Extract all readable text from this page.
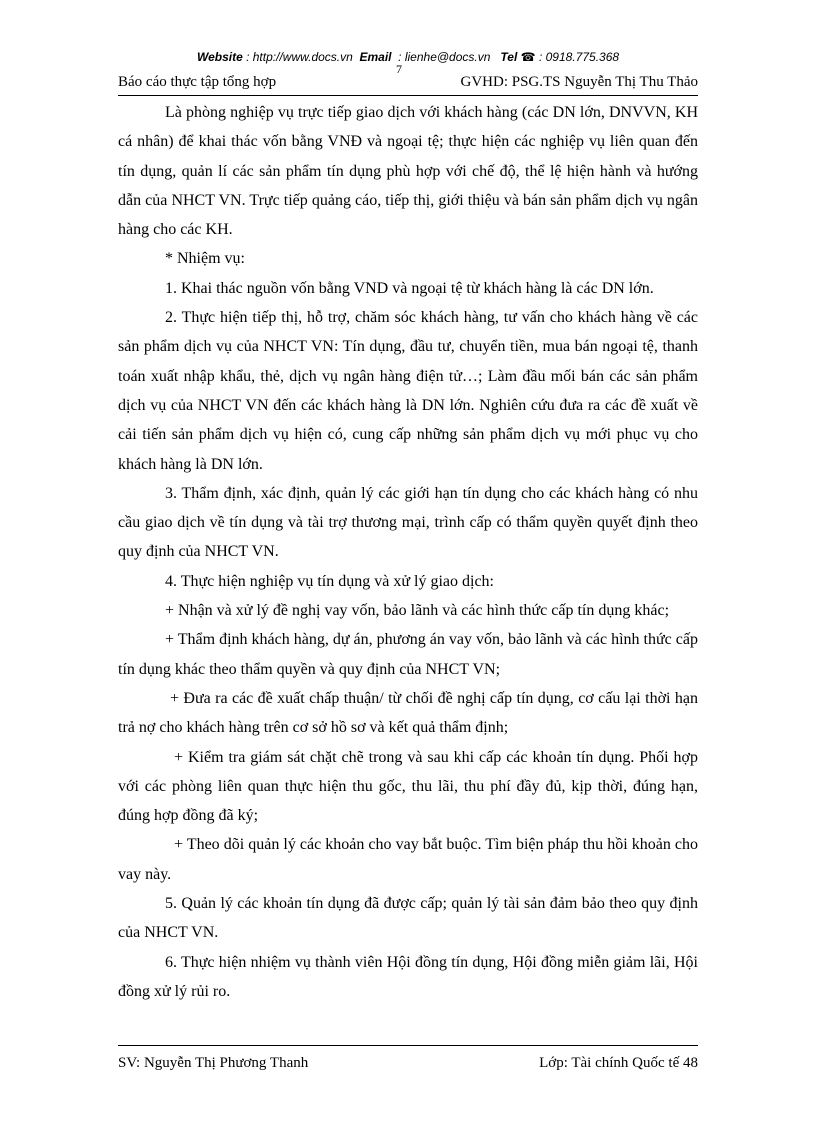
Website : http://www.docs.vn Email : lienhe@docs.vn Tel ☎ : 0918.775.368
7
Báo cáo thực tập tổng hợp	GVHD: PSG.TS Nguyễn Thị Thu Thảo

Là phòng nghiệp vụ trực tiếp giao dịch với khách hàng (các DN lớn, DNVVN, KH cá nhân) để khai thác vốn bằng VNĐ và ngoại tệ; thực hiện các nghiệp vụ liên quan đến tín dụng, quản lí các sản phẩm tín dụng phù hợp với chế độ, thể lệ hiện hành và hướng dẫn của NHCT VN. Trực tiếp quảng cáo, tiếp thị, giới thiệu và bán sản phẩm dịch vụ ngân hàng cho các KH.

* Nhiệm vụ:

1. Khai thác nguồn vốn bằng VND và ngoại tệ từ khách hàng là các DN lớn.

2. Thực hiện tiếp thị, hỗ trợ, chăm sóc khách hàng, tư vấn cho khách hàng về các sản phẩm dịch vụ của NHCT VN: Tín dụng, đầu tư, chuyển tiền, mua bán ngoại tệ, thanh toán xuất nhập khẩu, thẻ, dịch vụ ngân hàng điện tử…; Làm đầu mối bán các sản phẩm dịch vụ của NHCT VN đến các khách hàng là DN lớn. Nghiên cứu đưa ra các đề xuất về cải tiến sản phẩm dịch vụ hiện có, cung cấp những sản phẩm dịch vụ mới phục vụ cho khách hàng là DN lớn.

3. Thẩm định, xác định, quản lý các giới hạn tín dụng cho các khách hàng có nhu cầu giao dịch về tín dụng và tài trợ thương mại, trình cấp có thẩm quyền quyết định theo quy định của NHCT VN.

4. Thực hiện nghiệp vụ tín dụng và xử lý giao dịch:

+ Nhận và xử lý đề nghị vay vốn, bảo lãnh và các hình thức cấp tín dụng khác;

+ Thẩm định khách hàng, dự án, phương án vay vốn, bảo lãnh và các hình thức cấp tín dụng khác theo thẩm quyền và quy định của NHCT VN;

+ Đưa ra các đề xuất chấp thuận/ từ chối đề nghị cấp tín dụng, cơ cấu lại thời hạn trả nợ cho khách hàng trên cơ sở hồ sơ và kết quả thẩm định;

+ Kiểm tra giám sát chặt chẽ trong và sau khi cấp các khoản tín dụng. Phối hợp với các phòng liên quan thực hiện thu gốc, thu lãi, thu phí đầy đủ, kịp thời, đúng hạn, đúng hợp đồng đã ký;

+ Theo dõi quản lý các khoản cho vay bắt buộc. Tìm biện pháp thu hồi khoản cho vay này.

5. Quản lý các khoản tín dụng đã được cấp; quản lý tài sản đảm bảo theo quy định của NHCT VN.

6. Thực hiện nhiệm vụ thành viên Hội đồng tín dụng, Hội đồng miễn giảm lãi, Hội đồng xử lý rủi ro.

SV: Nguyễn Thị Phương Thanh	Lớp: Tài chính Quốc tế 48
